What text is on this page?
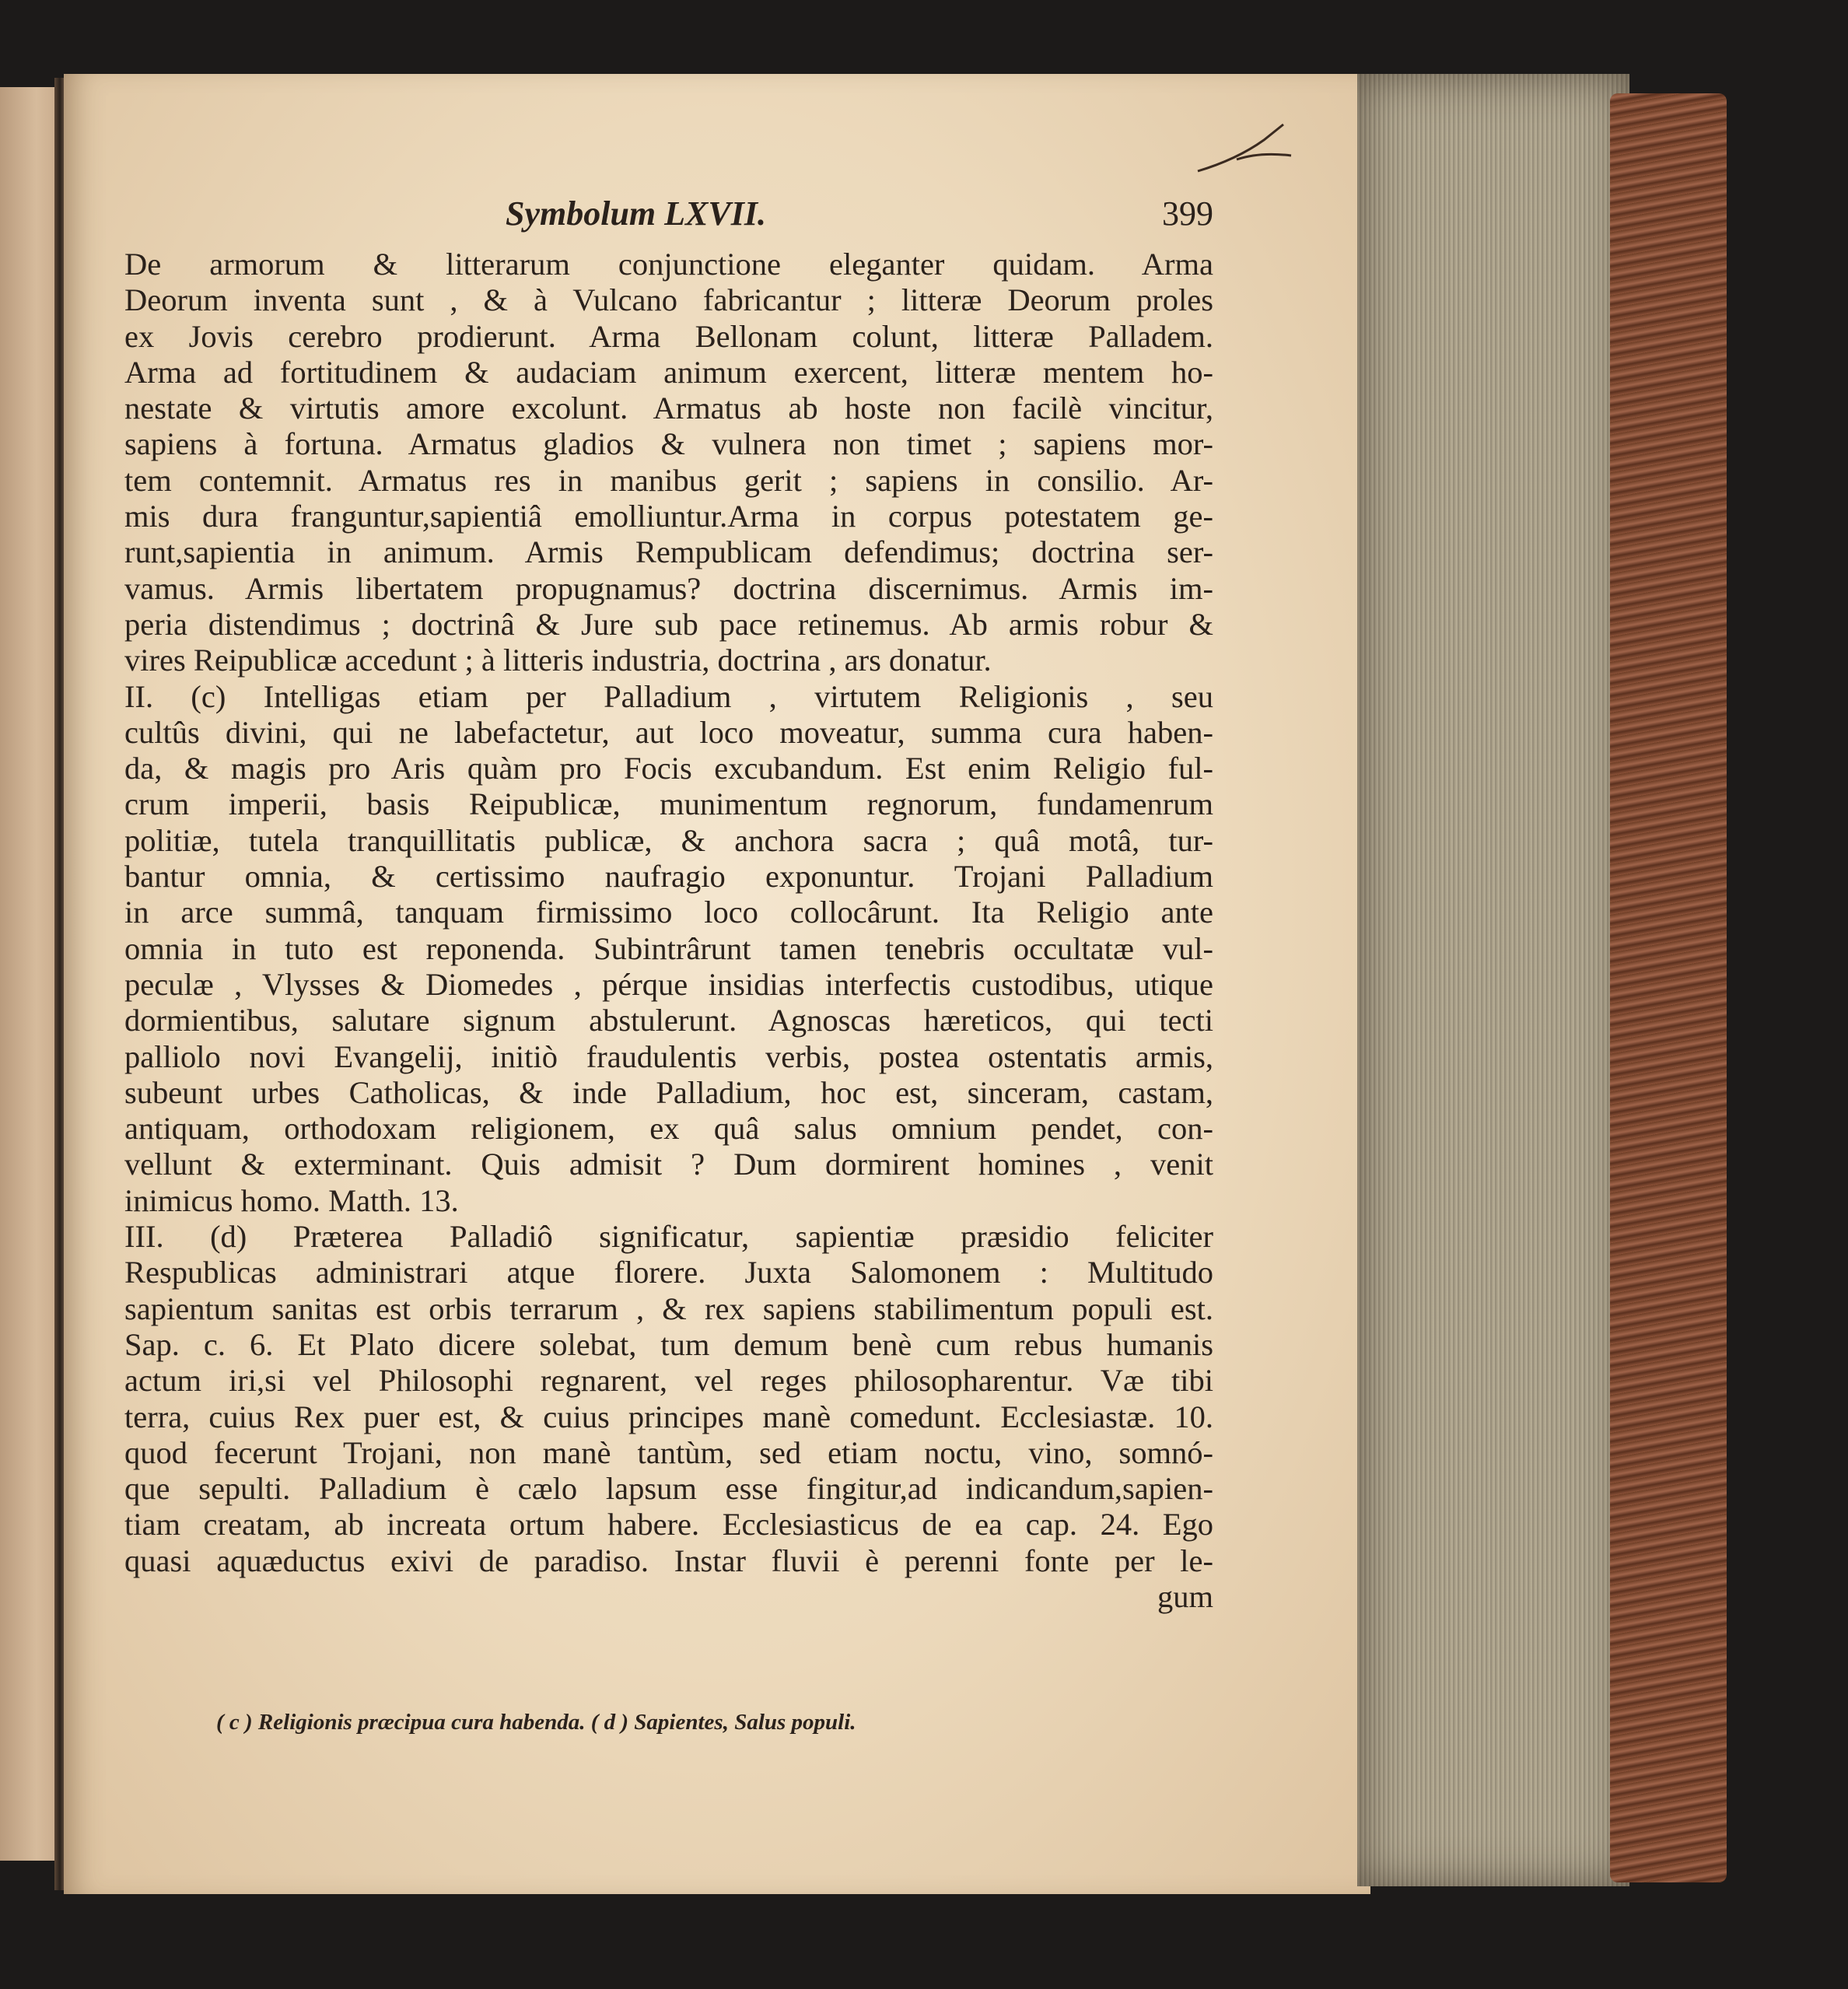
Symbolum LXVII.	399
De armorum & litterarum conjunctione eleganter quidam. Arma
Deorum inventa sunt , & à Vulcano fabricantur ; litteræ Deorum proles
ex Jovis cerebro prodierunt. Arma Bellonam colunt, litteræ Palladem.
Arma ad fortitudinem & audaciam animum exercent, litteræ mentem ho-
nestate & virtutis amore excolunt. Armatus ab hoste non facilè vincitur,
sapiens à fortuna. Armatus gladios & vulnera non timet ; sapiens mor-
tem contemnit. Armatus res in manibus gerit ; sapiens in consilio. Ar-
mis dura franguntur,sapientiâ emolliuntur.Arma in corpus potestatem ge-
runt,sapientia in animum. Armis Rempublicam defendimus; doctrina ser-
vamus. Armis libertatem propugnamus? doctrina discernimus. Armis im-
peria distendimus ; doctrinâ & Jure sub pace retinemus. Ab armis robur &
vires Reipublicæ accedunt ; à litteris industria, doctrina , ars donatur.
II. (c) Intelligas etiam per Palladium , virtutem Religionis , seu
cultûs divini, qui ne labefactetur, aut loco moveatur, summa cura haben-
da, & magis pro Aris quàm pro Focis excubandum. Est enim Religio ful-
crum imperii, basis Reipublicæ, munimentum regnorum, fundamenrum
politiæ, tutela tranquillitatis publicæ, & anchora sacra ; quâ motâ, tur-
bantur omnia, & certissimo naufragio exponuntur. Trojani Palladium
in arce summâ, tanquam firmissimo loco collocârunt. Ita Religio ante
omnia in tuto est reponenda. Subintrârunt tamen tenebris occultatæ vul-
peculæ , Vlysses & Diomedes , pérque insidias interfectis custodibus, utique
dormientibus, salutare signum abstulerunt. Agnoscas hæreticos, qui tecti
palliolo novi Evangelij, initiò fraudulentis verbis, postea ostentatis armis,
subeunt urbes Catholicas, & inde Palladium, hoc est, sinceram, castam,
antiquam, orthodoxam religionem, ex quâ salus omnium pendet, con-
vellunt & exterminant. Quis admisit ? Dum dormirent homines , venit
inimicus homo. Matth. 13.
III. (d) Præterea Palladiô significatur, sapientiæ præsidio feliciter
Respublicas administrari atque florere. Juxta Salomonem : Multitudo
sapientum sanitas est orbis terrarum , & rex sapiens stabilimentum populi est.
Sap. c. 6. Et Plato dicere solebat, tum demum benè cum rebus humanis
actum iri,si vel Philosophi regnarent, vel reges philosopharentur. Væ tibi
terra, cuius Rex puer est, & cuius principes manè comedunt. Ecclesiastæ. 10.
quod fecerunt Trojani, non manè tantùm, sed etiam noctu, vino, somnó-
que sepulti. Palladium è cælo lapsum esse fingitur,ad indicandum,sapien-
tiam creatam, ab increata ortum habere. Ecclesiasticus de ea cap. 24. Ego
quasi aquæductus exivi de paradiso. Instar fluvii è perenni fonte per le-
gum
( c ) Religionis præcipua cura habenda. ( d ) Sapientes, Salus populi.
